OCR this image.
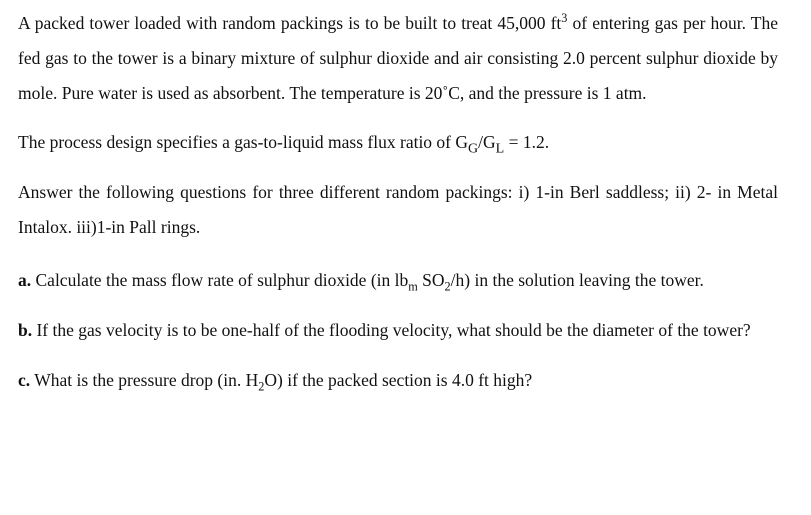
A packed tower loaded with random packings is to be built to treat 45,000 $ft^3$ of entering gas per hour. The fed gas to the tower is a binary mixture of sulphur dioxide and air consisting 2.0 percent sulphur dioxide by mole. Pure water is used as absorbent. The temperature is 20˚C, and the pressure is 1 atm.

The process design specifies a gas-to-liquid mass flux ratio of $G_G/G_L = 1.2$.

Answer the following questions for three different random packings: i) 1-in Berl saddless; ii) 2- in Metal Intalox. iii)1-in Pall rings.

a. Calculate the mass flow rate of sulphur dioxide (in $lb_m$ $SO_2/h$) in the solution leaving the tower.

b. If the gas velocity is to be one-half of the flooding velocity, what should be the diameter of the tower?

c. What is the pressure drop (in. $H_2O$) if the packed section is 4.0 ft high?
